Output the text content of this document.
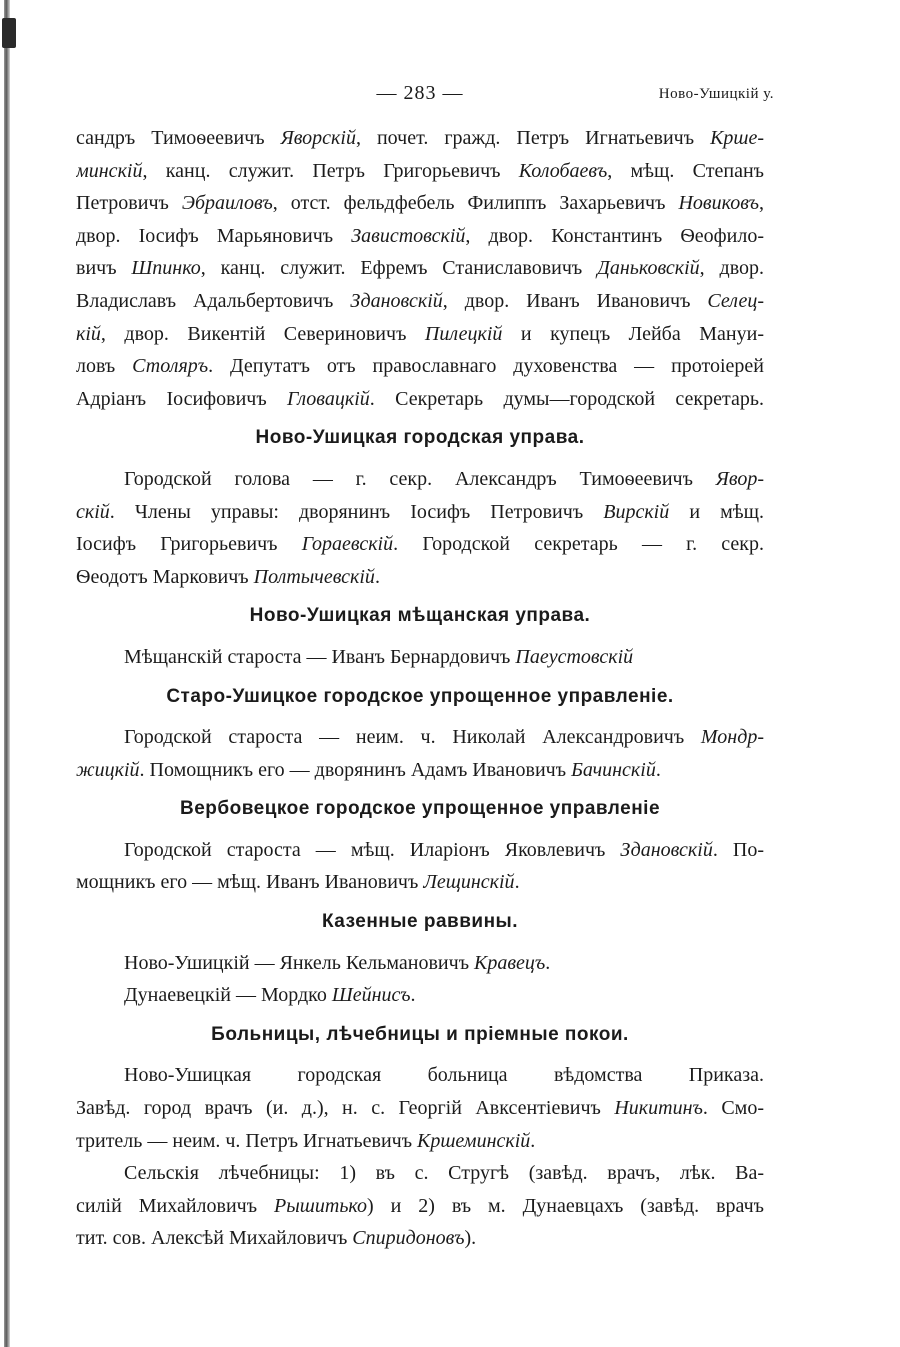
— 283 —	Ново-Ушицкій у.
сандръ Тимоѳеевичъ Яворскій, почет. гражд. Петръ Игнатьевичъ Крше-
минскій, канц. служит. Петръ Григорьевичъ Колобаевъ, мѣщ. Степанъ
Петровичъ Эбраиловъ, отст. фельдфебель Филиппъ Захарьевичъ Новиковъ,
двор. Іосифъ Марьяновичъ Завистовскій, двор. Константинъ Ѳеофило-
вичъ Шпинко, канц. служит. Ефремъ Станиславовичъ Даньковскій, двор.
Владиславъ Адальбертовичъ Здановскій, двор. Иванъ Ивановичъ Селец-
кій, двор. Викентій Севериновичъ Пилецкій и купецъ Лейба Мануи-
ловъ Столяръ. Депутатъ отъ православнаго духовенства — протоіерей
Адріанъ Іосифовичъ Гловацкій. Секретарь думы—городской секретарь.
Ново-Ушицкая городская управа.
Городской голова — г. секр. Александръ Тимоѳеевичъ Явор-
скій. Члены управы: дворянинъ Іосифъ Петровичъ Вирскій и мѣщ.
Іосифъ Григорьевичъ Горaевскій. Городской секретарь — г. секр.
Ѳеодотъ Марковичъ Полтычевскій.
Ново-Ушицкая мѣщанская управа.
Мѣщанскій староста — Иванъ Бернардовичъ Паеустовскій
Старо-Ушицкое городское упрощенное управленіе.
Городской староста — неим. ч. Николай Александровичъ Мондр-
жицкій. Помощникъ его — дворянинъ Адамъ Ивановичъ Бачинскій.
Вербовецкое городское упрощенное управленіе
Городской староста — мѣщ. Иларіонъ Яковлевичъ Здановскій. По-
мощникъ его — мѣщ. Иванъ Ивановичъ Лещинскій.
Казенные раввины.
Ново-Ушицкій — Янкель Кельмановичъ Кравецъ.
Дунаевецкій — Мордко Шейнисъ.
Больницы, лѣчебницы и пріемные покои.
Ново-Ушицкая городская больница вѣдомства Приказа.
Завѣд. город врачъ (и. д.), н. с. Георгій Авксентіевичъ Никитинъ. Смо-
тритель — неим. ч. Петръ Игнатьевичъ Кршеминскій.
Сельскія лѣчебницы: 1) въ с. Стругѣ (завѣд. врачъ, лѣк. Ва-
силій Михайловичъ Рышитько) и 2) въ м. Дунаевцахъ (завѣд. врачъ
тит. сов. Алексѣй Михайловичъ Спиридоновъ).
